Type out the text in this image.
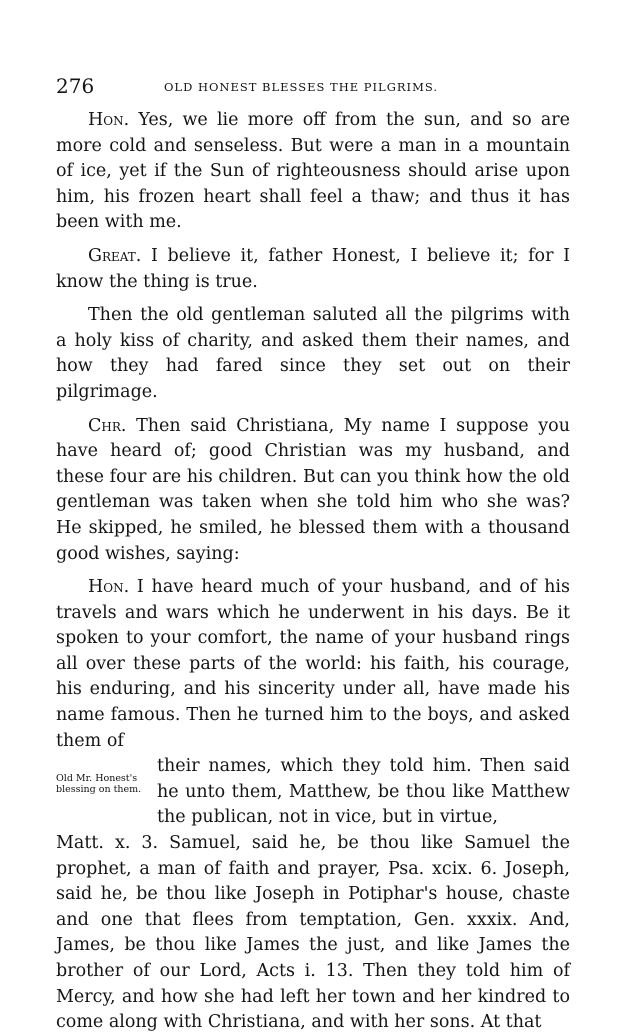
276	OLD HONEST BLESSES THE PILGRIMS.

Hon. Yes, we lie more off from the sun, and so are more cold and senseless. But were a man in a mountain of ice, yet if the Sun of righteousness should arise upon him, his frozen heart shall feel a thaw; and thus it has been with me.

Great. I believe it, father Honest, I believe it; for I know the thing is true.

Then the old gentleman saluted all the pilgrims with a holy kiss of charity, and asked them their names, and how they had fared since they set out on their pilgrimage.

Chr. Then said Christiana, My name I suppose you have heard of; good Christian was my husband, and these four are his children. But can you think how the old gentleman was taken when she told him who she was? He skipped, he smiled, he blessed them with a thousand good wishes, saying:

Hon. I have heard much of your husband, and of his travels and wars which he underwent in his days. Be it spoken to your comfort, the name of your husband rings all over these parts of the world: his faith, his courage, his enduring, and his sincerity under all, have made his name famous. Then he turned him to the boys, and asked them of

Old Mr. Honest's blessing on them.
their names, which they told him. Then said he unto them, Matthew, be thou like Matthew the publican, not in vice, but in virtue,

Matt. x. 3. Samuel, said he, be thou like Samuel the prophet, a man of faith and prayer, Psa. xcix. 6. Joseph, said he, be thou like Joseph in Potiphar's house, chaste and one that flees from temptation, Gen. xxxix. And, James, be thou like James the just, and like James the brother of our Lord, Acts i. 13. Then they told him of Mercy, and how she had left her town and her kindred to come along with Christiana, and with her sons. At that
